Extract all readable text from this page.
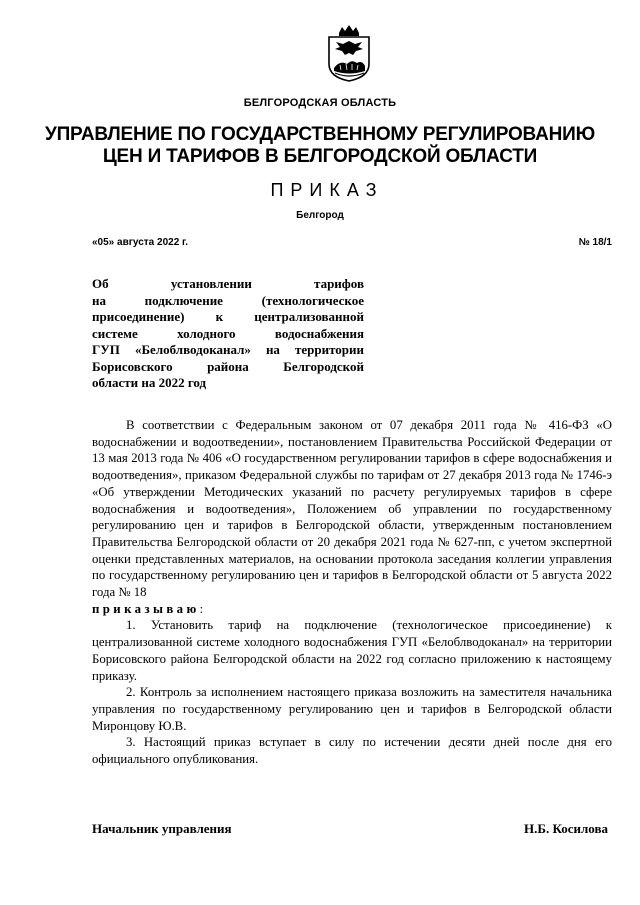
БЕЛГОРОДСКАЯ ОБЛАСТЬ
УПРАВЛЕНИЕ ПО ГОСУДАРСТВЕННОМУ РЕГУЛИРОВАНИЮ
ЦЕН И ТАРИФОВ В БЕЛГОРОДСКОЙ ОБЛАСТИ
ПРИКАЗ
Белгород
«05» августа 2022 г.	№ 18/1
Об установлении тарифов
на подключение (технологическое
присоединение) к централизованной
системе холодного водоснабжения
ГУП «Белоблводоканал» на территории
Борисовского района Белгородской
области на 2022 год

В соответствии с Федеральным законом от 07 декабря 2011 года № 416-ФЗ «О водоснабжении и водоотведении», постановлением Правительства Российской Федерации от 13 мая 2013 года № 406 «О государственном регулировании тарифов в сфере водоснабжения и водоотведения», приказом Федеральной службы по тарифам от 27 декабря 2013 года № 1746-э «Об утверждении Методических указаний по расчету регулируемых тарифов в сфере водоснабжения и водоотведения», Положением об управлении по государственному регулированию цен и тарифов в Белгородской области, утвержденным постановлением Правительства Белгородской области от 20 декабря 2021 года № 627-пп, с учетом экспертной оценки представленных материалов, на основании протокола заседания коллегии управления по государственному регулированию цен и тарифов в Белгородской области от 5 августа 2022 года № 18

приказываю:

1. Установить тариф на подключение (технологическое присоединение) к централизованной системе холодного водоснабжения ГУП «Белоблводоканал» на территории Борисовского района Белгородской области на 2022 год согласно приложению к настоящему приказу.

2. Контроль за исполнением настоящего приказа возложить на заместителя начальника управления по государственному регулированию цен и тарифов в Белгородской области Миронцову Ю.В.

3. Настоящий приказ вступает в силу по истечении десяти дней после дня его официального опубликования.

Начальник управления	Н.Б. Косилова
